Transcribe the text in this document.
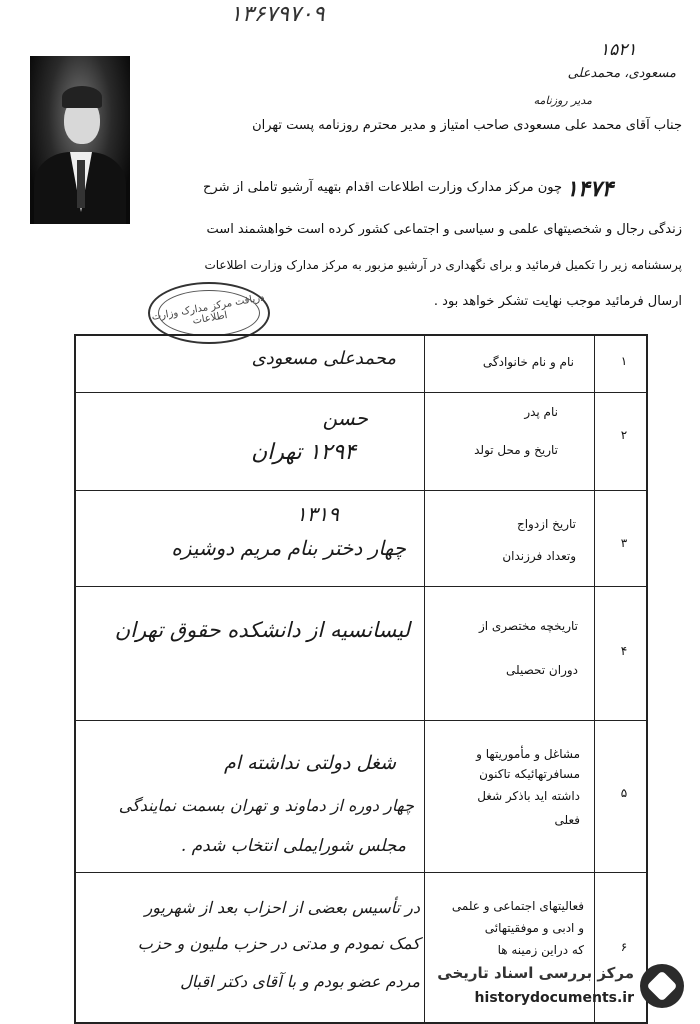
۱۳۶۷۹۷۰۹
۱۵۲۱
مسعودی، محمدعلی
مدیر روزنامه
جناب آقای محمد علی مسعودی صاحب امتیاز و مدیر محترم روزنامه پست تهران
۱۴۷۴
چون مرکز مدارک وزارت اطلاعات اقدام بتهیه آرشیو تاملی از شرح
زندگی رجال و شخصیتهای علمی و سیاسی و اجتماعی کشور کرده است خواهشمند است
پرسشنامه زیر را تکمیل فرمائید و برای نگهداری در آرشیو مزبور به مرکز مدارک وزارت اطلاعات
ارسال فرمائید موجب نهایت تشکر خواهد بود .
دریافت مرکز مدارک وزارت اطلاعات
۱
نام و نام خانوادگی
محمدعلی مسعودی
۲
نام پدر
تاریخ و محل تولد
حسن
۱۲۹۴ تهران
۳
تاریخ ازدواج
وتعداد فرزندان
۱۳۱۹
چهار دختر بنام مریم دوشیزه
۴
تاریخچه مختصری از
دوران تحصیلی
لیسانسیه از دانشکده حقوق تهران
۵
مشاغل و مأموریتها و
مسافرتهائیکه تاکنون
داشته اید باذکر شغل
فعلی
شغل دولتی نداشته ام
چهار دوره از دماوند و تهران بسمت نمایندگی
مجلس شورایملی انتخاب شدم .
۶
فعالیتهای اجتماعی و علمی
و ادبی و موفقیتهائی
که دراین زمینه ها
در تأسیس بعضی از احزاب بعد از شهریور
کمک نمودم و مدتی در حزب ملیون و حزب
مردم عضو بودم و با آقای دکتر اقبال مرکز بررسی اسناد تاریخی
historydocuments.ir
